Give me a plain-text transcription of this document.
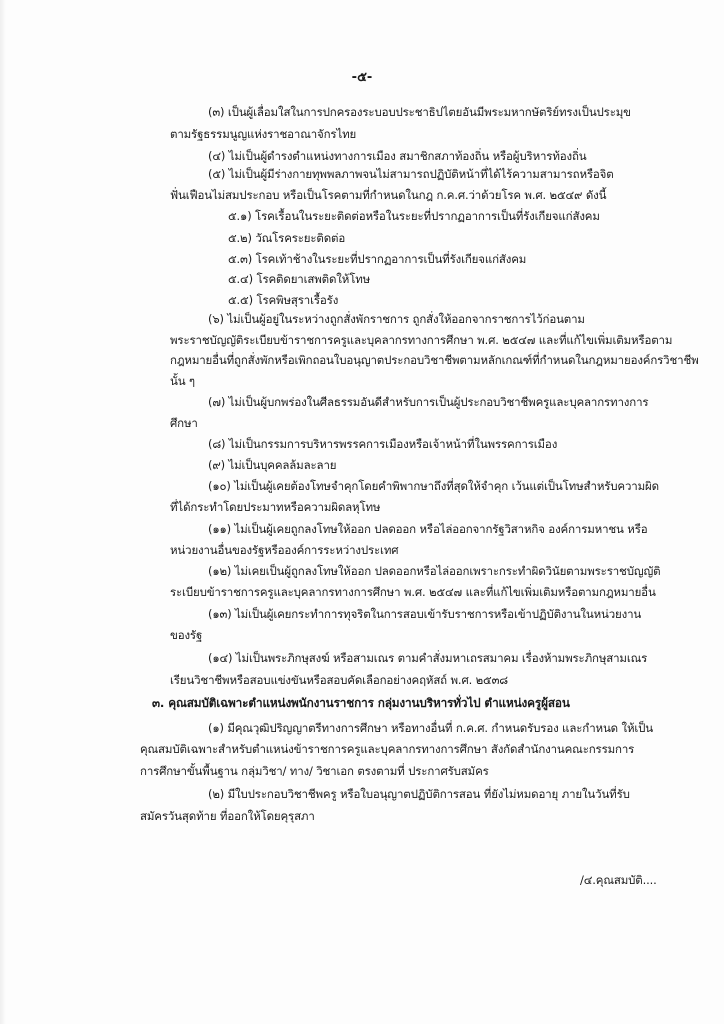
-๕-
(๓) เป็นผู้เลื่อมใสในการปกครองระบอบประชาธิปไตยอันมีพระมหากษัตริย์ทรงเป็นประมุข
ตามรัฐธรรมนูญแห่งราชอาณาจักรไทย
(๔) ไม่เป็นผู้ดำรงตำแหน่งทางการเมือง สมาชิกสภาท้องถิ่น หรือผู้บริหารท้องถิ่น
(๕) ไม่เป็นผู้มีร่างกายทุพพลภาพจนไม่สามารถปฏิบัติหน้าที่ได้ไร้ความสามารถหรือจิต
ฟั่นเฟือนไม่สมประกอบ หรือเป็นโรคตามที่กำหนดในกฎ ก.ค.ศ.ว่าด้วยโรค พ.ศ. ๒๕๔๙ ดังนี้
๕.๑) โรคเรื้อนในระยะติดต่อหรือในระยะที่ปรากฏอาการเป็นที่รังเกียจแก่สังคม
๕.๒) วัณโรคระยะติดต่อ
๕.๓) โรคเท้าช้างในระยะที่ปรากฏอาการเป็นที่รังเกียจแก่สังคม
๕.๔) โรคติดยาเสพติดให้โทษ
๕.๕) โรคพิษสุราเรื้อรัง
(๖) ไม่เป็นผู้อยู่ในระหว่างถูกสั่งพักราชการ ถูกสั่งให้ออกจากราชการไว้ก่อนตาม
พระราชบัญญัติระเบียบข้าราชการครูและบุคลากรทางการศึกษา พ.ศ. ๒๕๔๗ และที่แก้ไขเพิ่มเติมหรือตาม
กฎหมายอื่นที่ถูกสั่งพักหรือเพิกถอนใบอนุญาตประกอบวิชาชีพตามหลักเกณฑ์ที่กำหนดในกฎหมายองค์กรวิชาชีพ
นั้น ๆ
(๗) ไม่เป็นผู้บกพร่องในศีลธรรมอันดีสำหรับการเป็นผู้ประกอบวิชาชีพครูและบุคลากรทางการ
ศึกษา
(๘) ไม่เป็นกรรมการบริหารพรรคการเมืองหรือเจ้าหน้าที่ในพรรคการเมือง
(๙) ไม่เป็นบุคคลล้มละลาย
(๑๐) ไม่เป็นผู้เคยต้องโทษจำคุกโดยคำพิพากษาถึงที่สุดให้จำคุก เว้นแต่เป็นโทษสำหรับความผิด
ที่ได้กระทำโดยประมาทหรือความผิดลหุโทษ
(๑๑) ไม่เป็นผู้เคยถูกลงโทษให้ออก ปลดออก หรือไล่ออกจากรัฐวิสาหกิจ องค์การมหาชน หรือ
หน่วยงานอื่นของรัฐหรือองค์การระหว่างประเทศ
(๑๒) ไม่เคยเป็นผู้ถูกลงโทษให้ออก ปลดออกหรือไล่ออกเพราะกระทำผิดวินัยตามพระราชบัญญัติ
ระเบียบข้าราชการครูและบุคลากรทางการศึกษา พ.ศ. ๒๕๔๗ และที่แก้ไขเพิ่มเติมหรือตามกฎหมายอื่น
(๑๓) ไม่เป็นผู้เคยกระทำการทุจริตในการสอบเข้ารับราชการหรือเข้าปฏิบัติงานในหน่วยงาน
ของรัฐ
(๑๔) ไม่เป็นพระภิกษุสงฆ์ หรือสามเณร ตามคำสั่งมหาเถรสมาคม เรื่องห้ามพระภิกษุสามเณร
เรียนวิชาชีพหรือสอบแข่งขันหรือสอบคัดเลือกอย่างคฤหัสถ์ พ.ศ. ๒๕๓๘
๓. คุณสมบัติเฉพาะตำแหน่งพนักงานราชการ กลุ่มงานบริหารทั่วไป ตำแหน่งครูผู้สอน
(๑) มีคุณวุฒิปริญญาตรีทางการศึกษา หรือทางอื่นที่ ก.ค.ศ. กำหนดรับรอง และกำหนด ให้เป็น
คุณสมบัติเฉพาะสำหรับตำแหน่งข้าราชการครูและบุคลากรทางการศึกษา สังกัดสำนักงานคณะกรรมการ
การศึกษาขั้นพื้นฐาน กลุ่มวิชา/ ทาง/ วิชาเอก ตรงตามที่ ประกาศรับสมัคร
(๒) มีใบประกอบวิชาชีพครู หรือใบอนุญาตปฏิบัติการสอน ที่ยังไม่หมดอายุ ภายในวันที่รับ
สมัครวันสุดท้าย ที่ออกให้โดยคุรุสภา
/๔.คุณสมบัติ....
